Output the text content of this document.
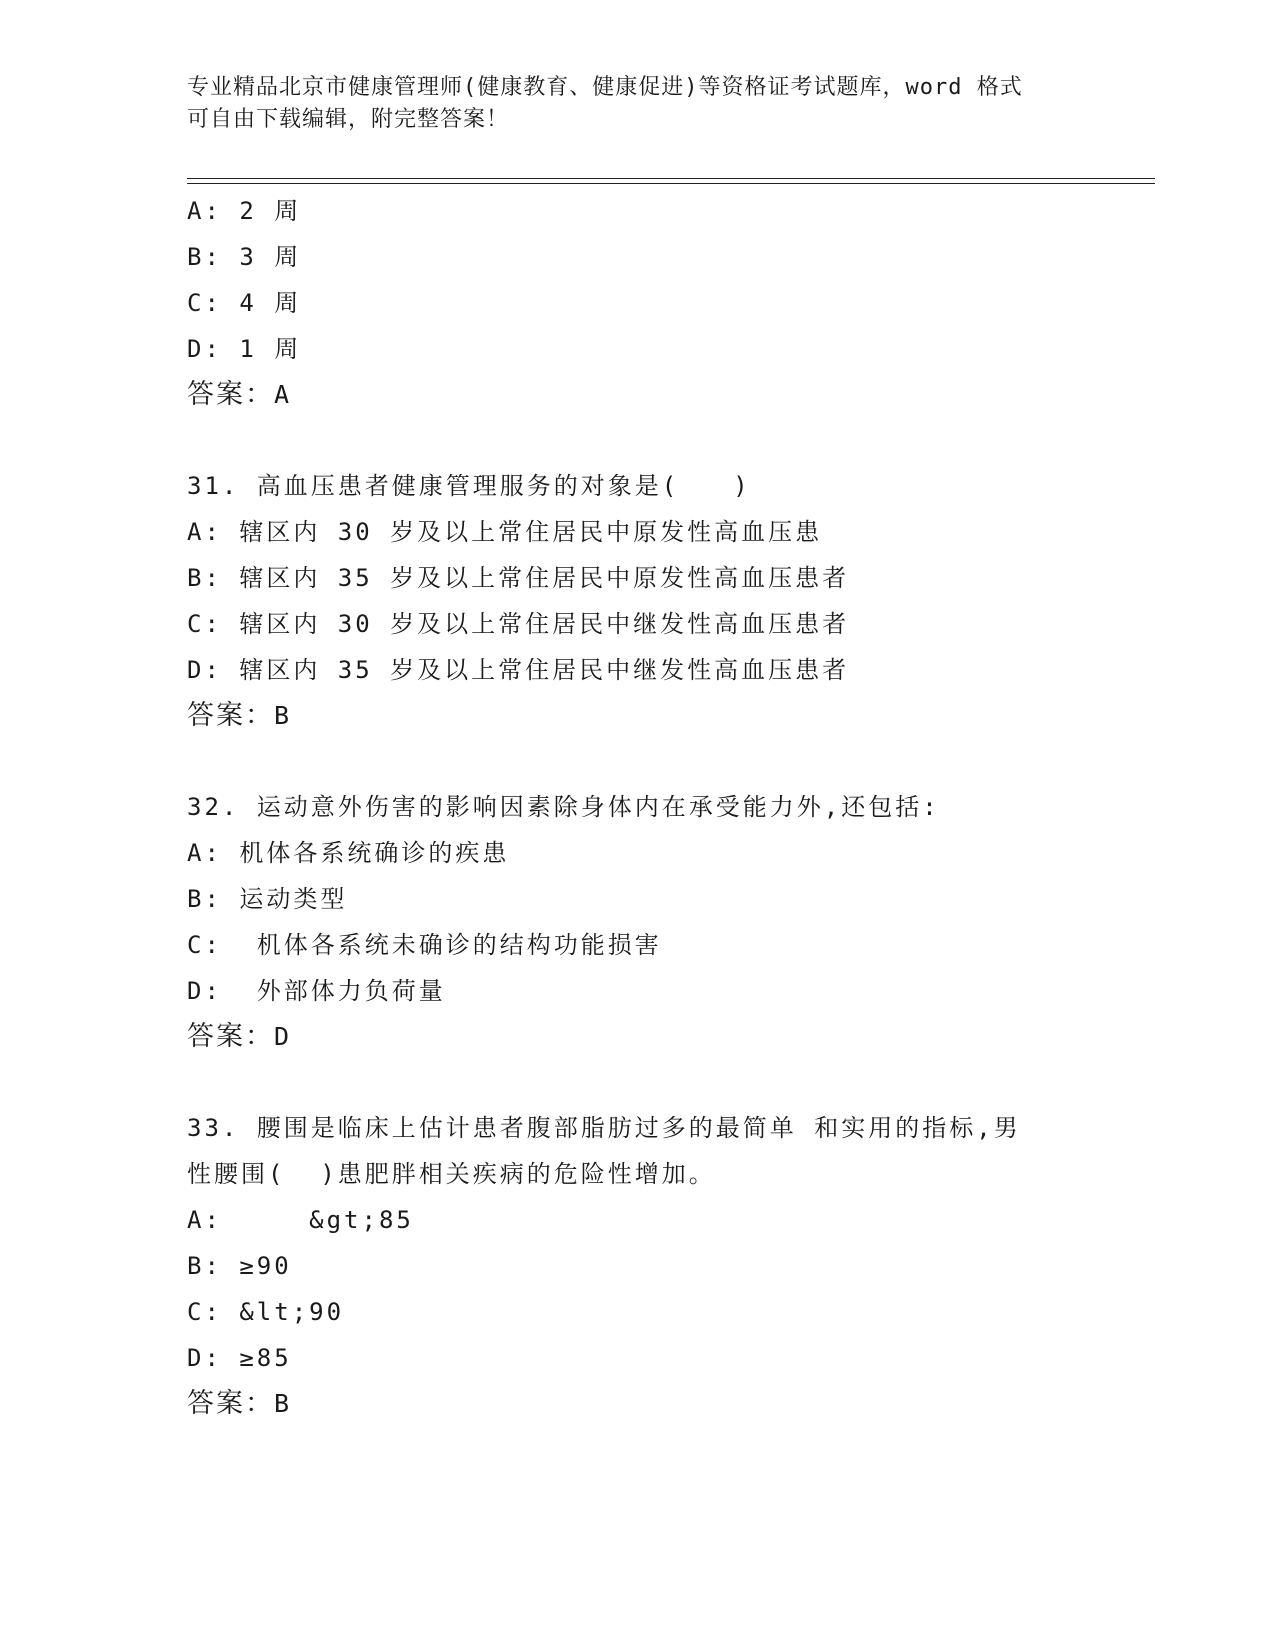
专业精品北京市健康管理师(健康教育、健康促进)等资格证考试题库，word 格式
可自由下载编辑，附完整答案！
A: 2 周
B: 3 周
C: 4 周
D: 1 周
答案：A
31. 高血压患者健康管理服务的对象是(　　)
A: 辖区内 30 岁及以上常住居民中原发性高血压患
B: 辖区内 35 岁及以上常住居民中原发性高血压患者
C: 辖区内 30 岁及以上常住居民中继发性高血压患者
D: 辖区内 35 岁及以上常住居民中继发性高血压患者
答案：B
32. 运动意外伤害的影响因素除身体内在承受能力外,还包括:
A: 机体各系统确诊的疾患
B: 运动类型
C:  机体各系统未确诊的结构功能损害
D:  外部体力负荷量
答案：D
33. 腰围是临床上估计患者腹部脂肪过多的最简单 和实用的指标,男
性腰围(  )患肥胖相关疾病的危险性增加。
A:     &gt;85
B: ≥90
C: &lt;90
D: ≥85
答案：B
